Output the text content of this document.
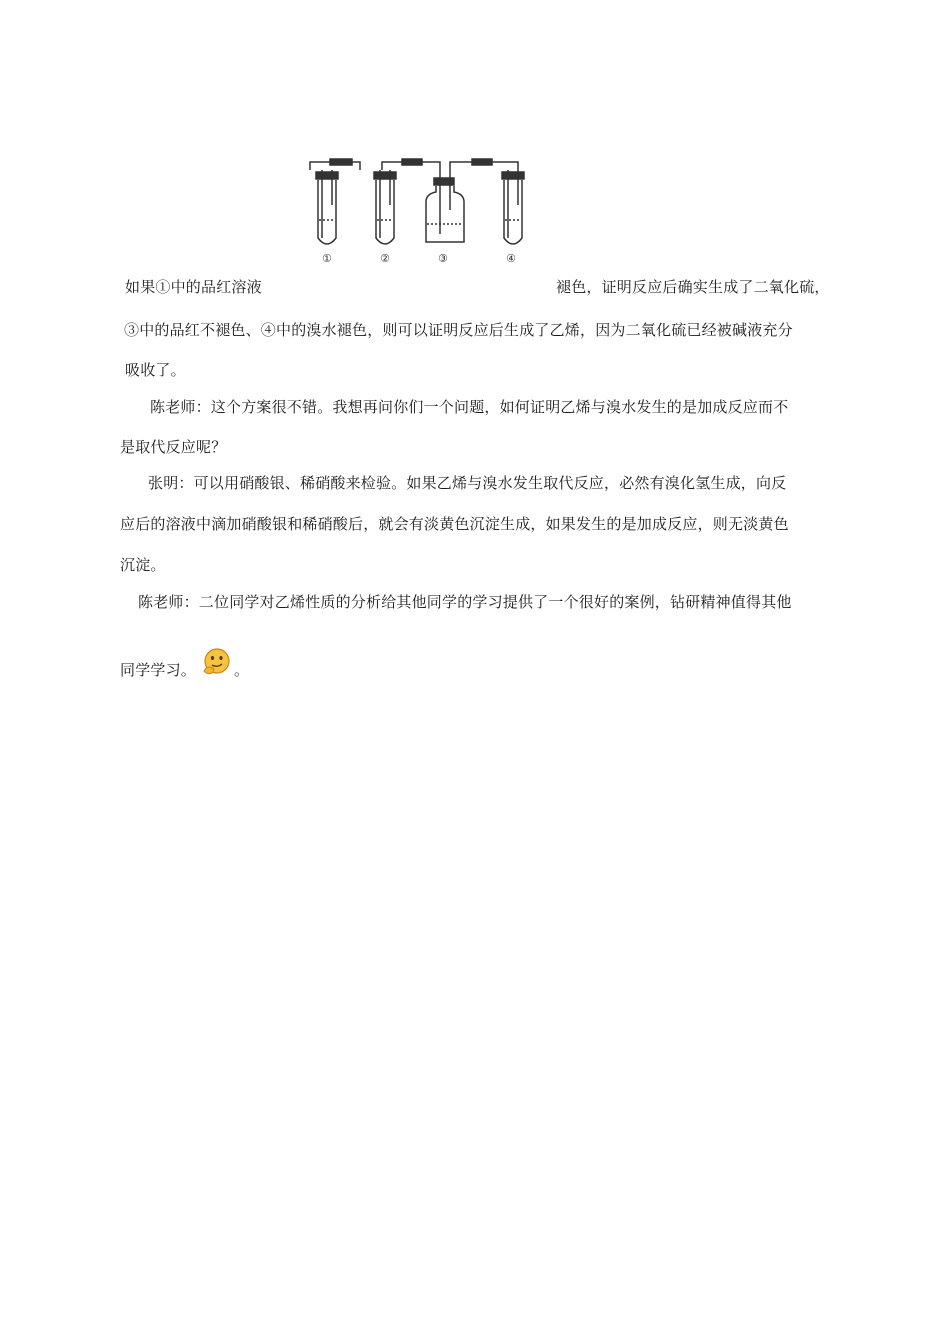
①	②	③	④
如果①中的品红溶液	褪色，证明反应后确实生成了二氧化硫，
③中的品红不褪色、④中的溴水褪色，则可以证明反应后生成了乙烯，因为二氧化硫已经被碱液充分
吸收了。
陈老师：这个方案很不错。我想再问你们一个问题，如何证明乙烯与溴水发生的是加成反应而不
是取代反应呢？
张明：可以用硝酸银、稀硝酸来检验。如果乙烯与溴水发生取代反应，必然有溴化氢生成，向反
应后的溶液中滴加硝酸银和稀硝酸后，就会有淡黄色沉淀生成，如果发生的是加成反应，则无淡黄色
沉淀。
陈老师：二位同学对乙烯性质的分析给其他同学的学习提供了一个很好的案例，钻研精神值得其他
同学学习。	。
